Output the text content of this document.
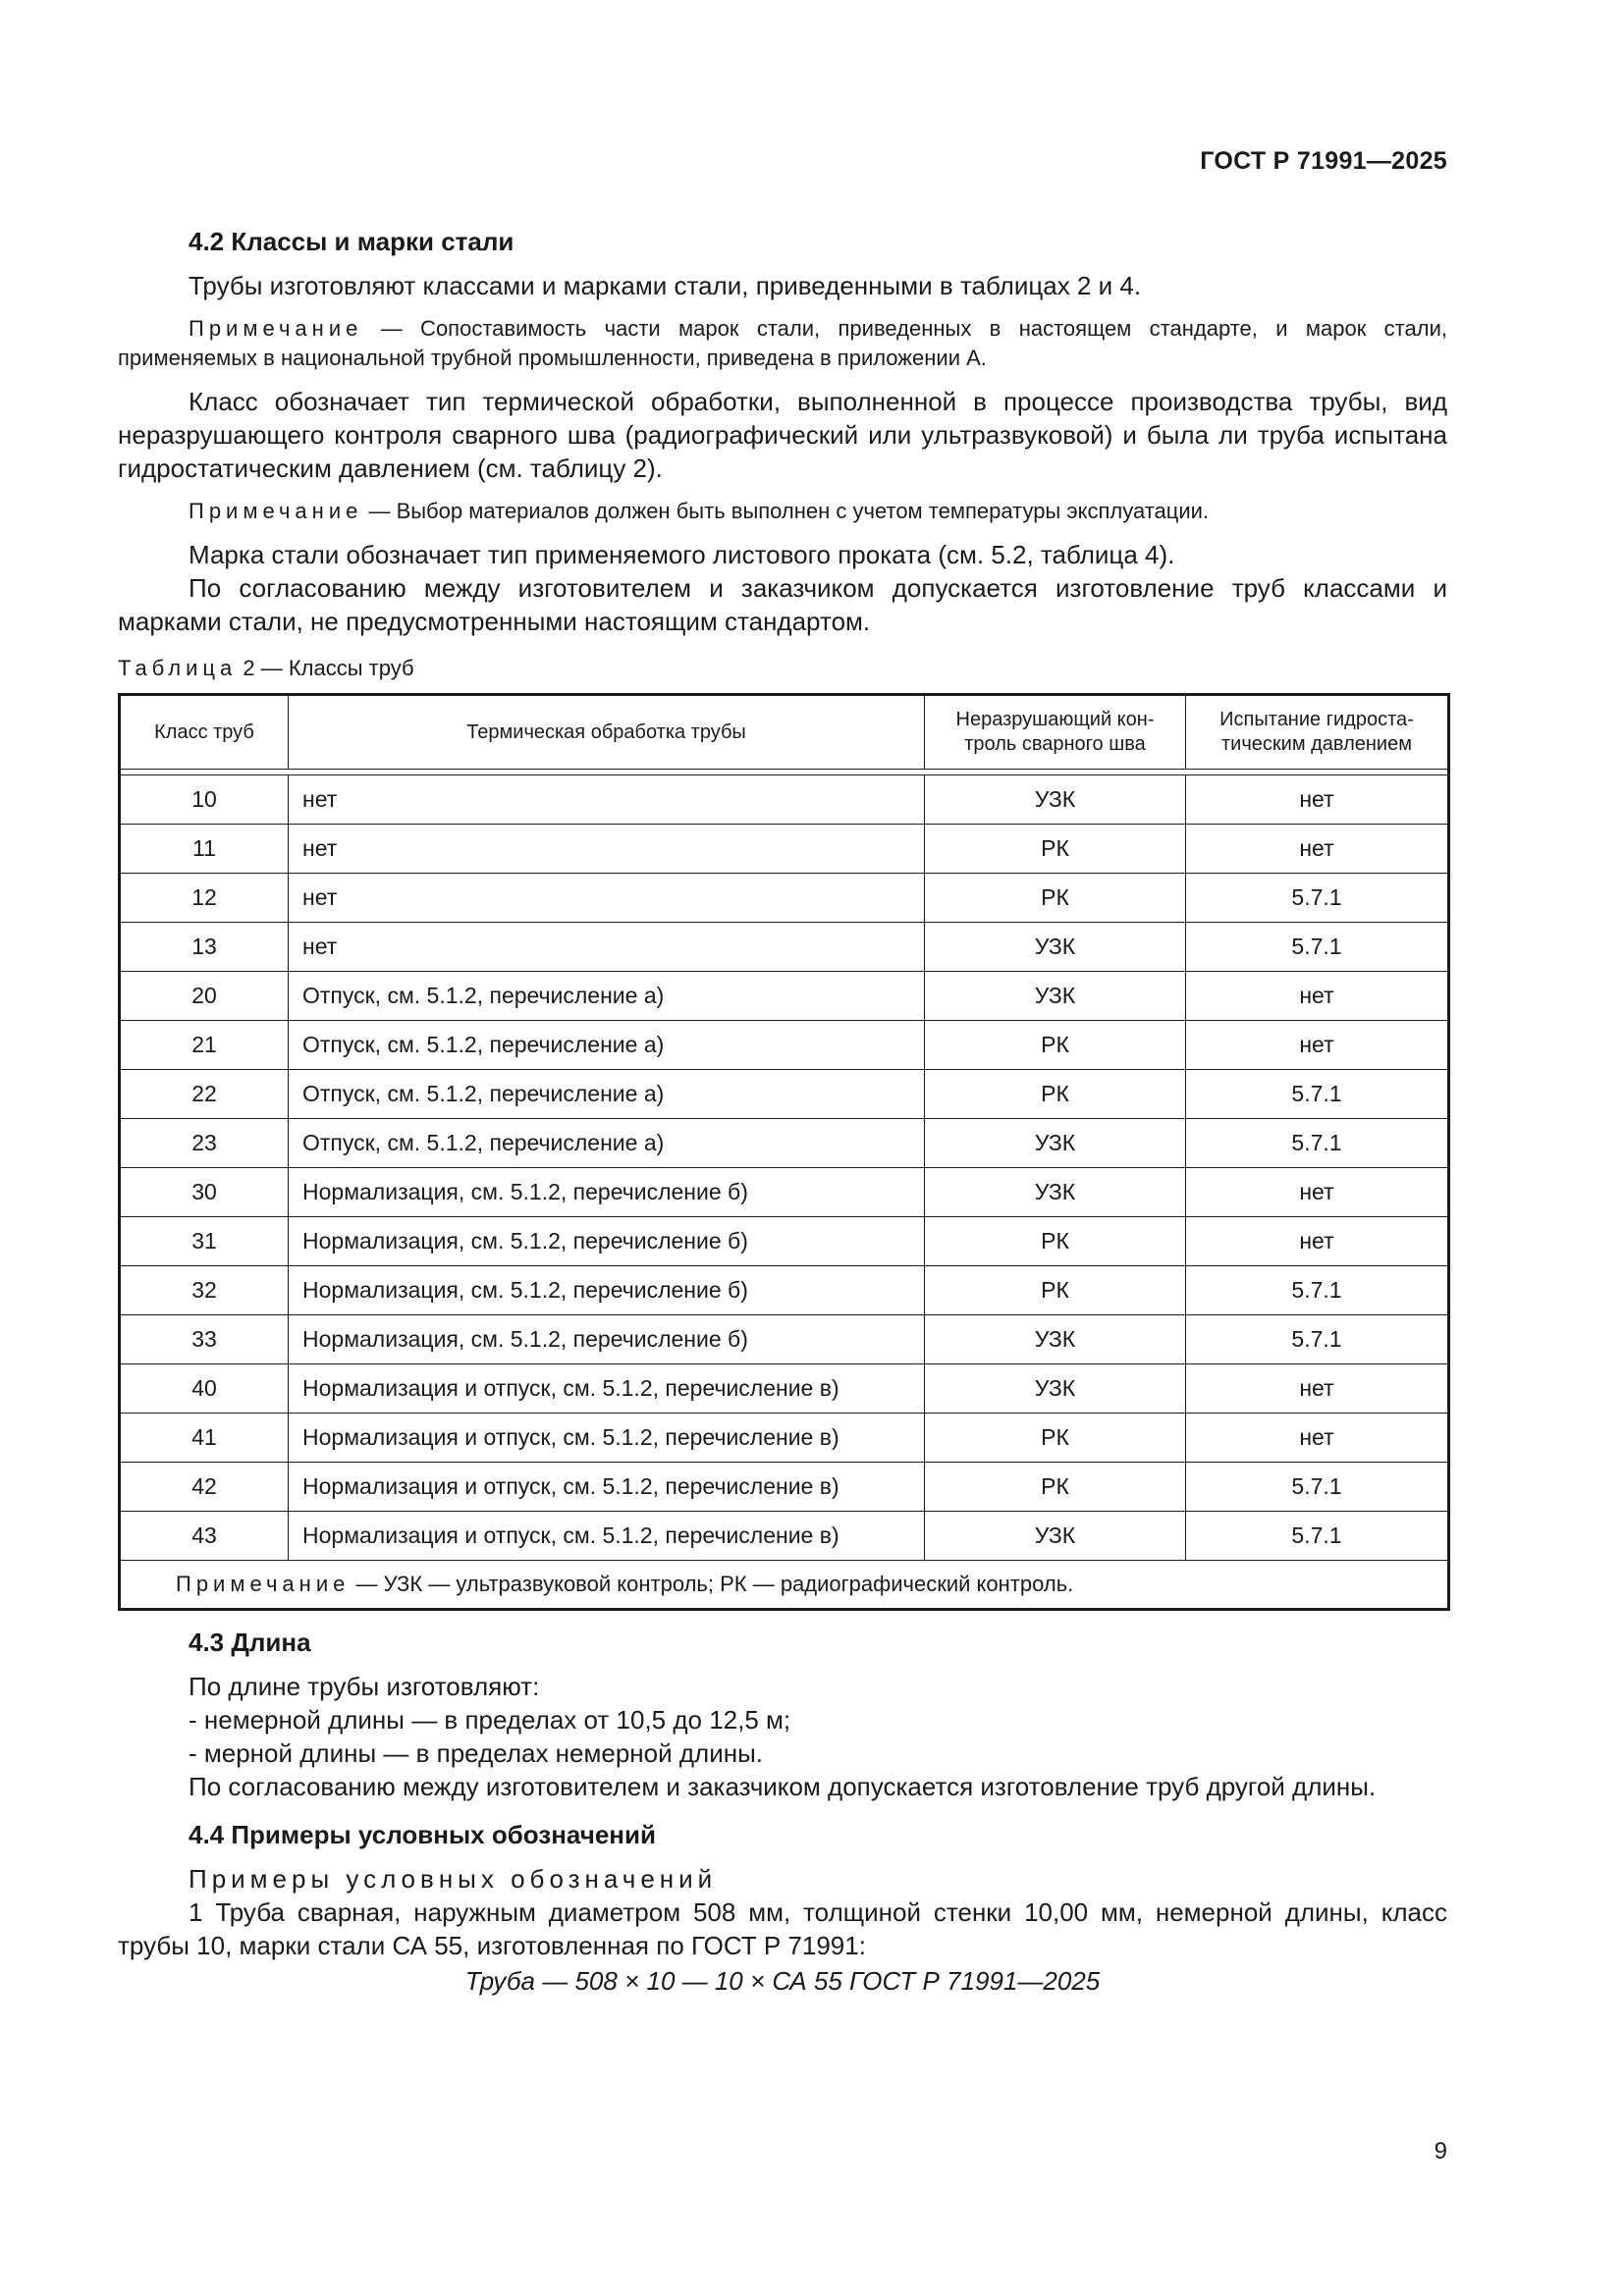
ГОСТ Р 71991—2025
4.2 Классы и марки стали

Трубы изготовляют классами и марками стали, приведенными в таблицах 2 и 4.

Примечание — Сопоставимость части марок стали, приведенных в настоящем стандарте, и марок стали, применяемых в национальной трубной промышленности, приведена в приложении А.

Класс обозначает тип термической обработки, выполненной в процессе производства трубы, вид неразрушающего контроля сварного шва (радиографический или ультразвуковой) и была ли труба испытана гидростатическим давлением (см. таблицу 2).

Примечание — Выбор материалов должен быть выполнен с учетом температуры эксплуатации.

Марка стали обозначает тип применяемого листового проката (см. 5.2, таблица 4).

По согласованию между изготовителем и заказчиком допускается изготовление труб классами и марками стали, не предусмотренными настоящим стандартом.

Таблица 2 — Классы труб

Класс труб	Термическая обработка трубы	Неразрушающий кон-троль сварного шва	Испытание гидроста-тическим давлением

10	нет	УЗК	нет
11	нет	РК	нет
12	нет	РК	5.7.1
13	нет	УЗК	5.7.1
20	Отпуск, см. 5.1.2, перечисление а)	УЗК	нет
21	Отпуск, см. 5.1.2, перечисление а)	РК	нет
22	Отпуск, см. 5.1.2, перечисление а)	РК	5.7.1
23	Отпуск, см. 5.1.2, перечисление а)	УЗК	5.7.1
30	Нормализация, см. 5.1.2, перечисление б)	УЗК	нет
31	Нормализация, см. 5.1.2, перечисление б)	РК	нет
32	Нормализация, см. 5.1.2, перечисление б)	РК	5.7.1
33	Нормализация, см. 5.1.2, перечисление б)	УЗК	5.7.1
40	Нормализация и отпуск, см. 5.1.2, перечисление в)	УЗК	нет
41	Нормализация и отпуск, см. 5.1.2, перечисление в)	РК	нет
42	Нормализация и отпуск, см. 5.1.2, перечисление в)	РК	5.7.1
43	Нормализация и отпуск, см. 5.1.2, перечисление в)	УЗК	5.7.1
Примечание — УЗК — ультразвуковой контроль; РК — радиографический контроль.			
4.3 Длина

По длине трубы изготовляют:

- немерной длины — в пределах от 10,5 до 12,5 м;

- мерной длины — в пределах немерной длины.

По согласованию между изготовителем и заказчиком допускается изготовление труб другой длины.

4.4 Примеры условных обозначений

Примеры условных обозначений

1 Труба сварная, наружным диаметром 508 мм, толщиной стенки 10,00 мм, немерной длины, класс трубы 10, марки стали СА 55, изготовленная по ГОСТ Р 71991:

Труба — 508 × 10 — 10 × СА 55 ГОСТ Р 71991—2025

9
